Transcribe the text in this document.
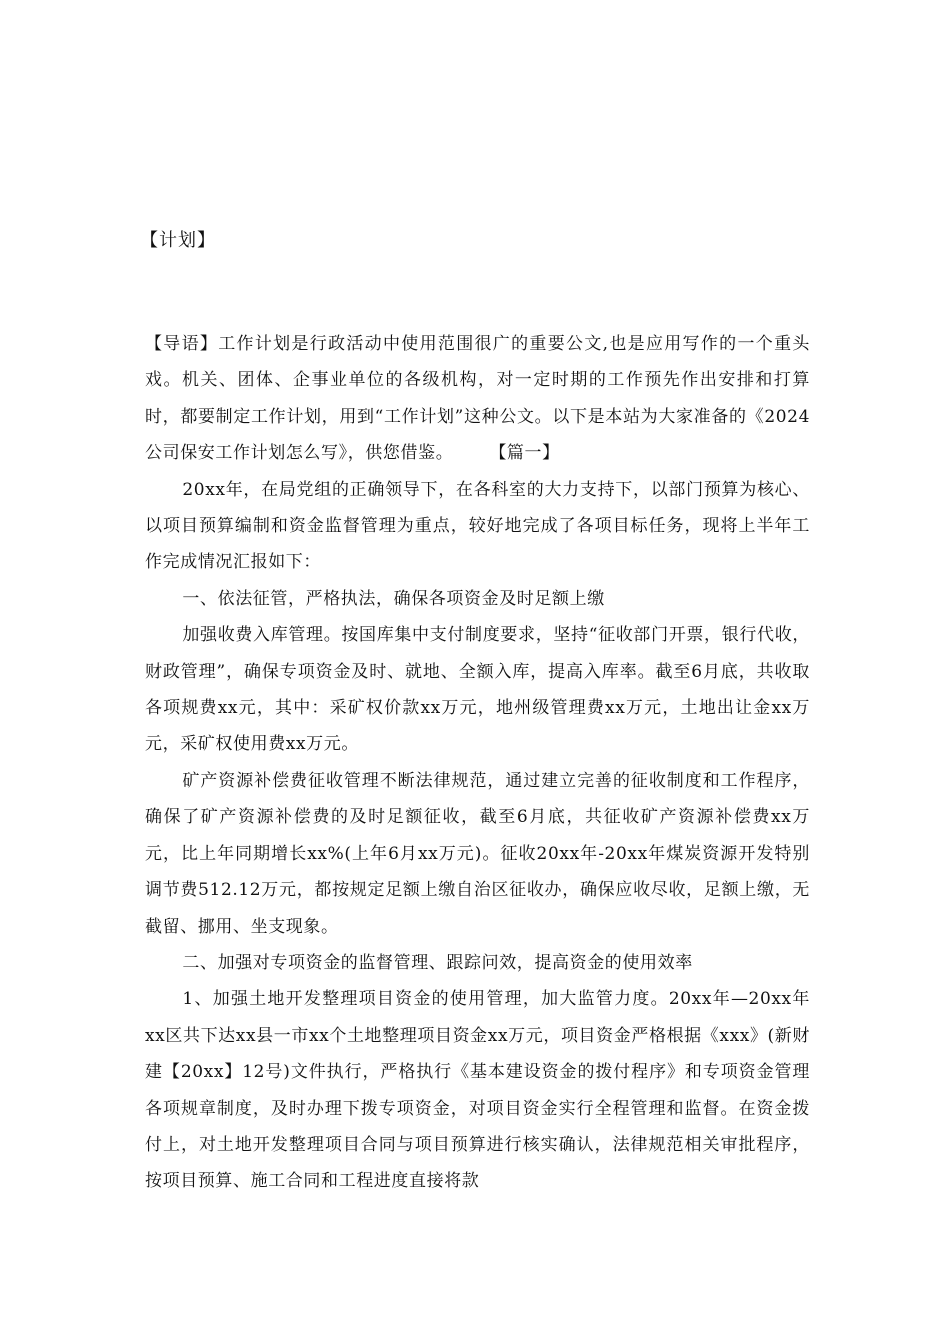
【计划】

【导语】工作计划是行政活动中使用范围很广的重要公文,也是应用写作的一个重头戏。机关、团体、企事业单位的各级机构，对一定时期的工作预先作出安排和打算时，都要制定工作计划，用到“工作计划”这种公文。以下是本站为大家准备的《2024公司保安工作计划怎么写》，供您借鉴。 【篇一】

20xx年，在局党组的正确领导下，在各科室的大力支持下，以部门预算为核心、以项目预算编制和资金监督管理为重点，较好地完成了各项目标任务，现将上半年工作完成情况汇报如下：

一、依法征管，严格执法，确保各项资金及时足额上缴

加强收费入库管理。按国库集中支付制度要求，坚持“征收部门开票，银行代收，财政管理”，确保专项资金及时、就地、全额入库，提高入库率。截至6月底，共收取各项规费xx元，其中：采矿权价款xx万元，地州级管理费xx万元，土地出让金xx万元，采矿权使用费xx万元。

矿产资源补偿费征收管理不断法律规范，通过建立完善的征收制度和工作程序，确保了矿产资源补偿费的及时足额征收，截至6月底，共征收矿产资源补偿费xx万元，比上年同期增长xx%(上年6月xx万元)。征收20xx年-20xx年煤炭资源开发特别调节费512.12万元，都按规定足额上缴自治区征收办，确保应收尽收，足额上缴，无截留、挪用、坐支现象。

二、加强对专项资金的监督管理、跟踪问效，提高资金的使用效率

1、加强土地开发整理项目资金的使用管理，加大监管力度。20xx年—20xx年xx区共下达xx县一市xx个土地整理项目资金xx万元，项目资金严格根据《xxx》(新财建【20xx】12号)文件执行，严格执行《基本建设资金的拨付程序》和专项资金管理各项规章制度，及时办理下拨专项资金，对项目资金实行全程管理和监督。在资金拨付上，对土地开发整理项目合同与项目预算进行核实确认，法律规范相关审批程序，按项目预算、施工合同和工程进度直接将款
